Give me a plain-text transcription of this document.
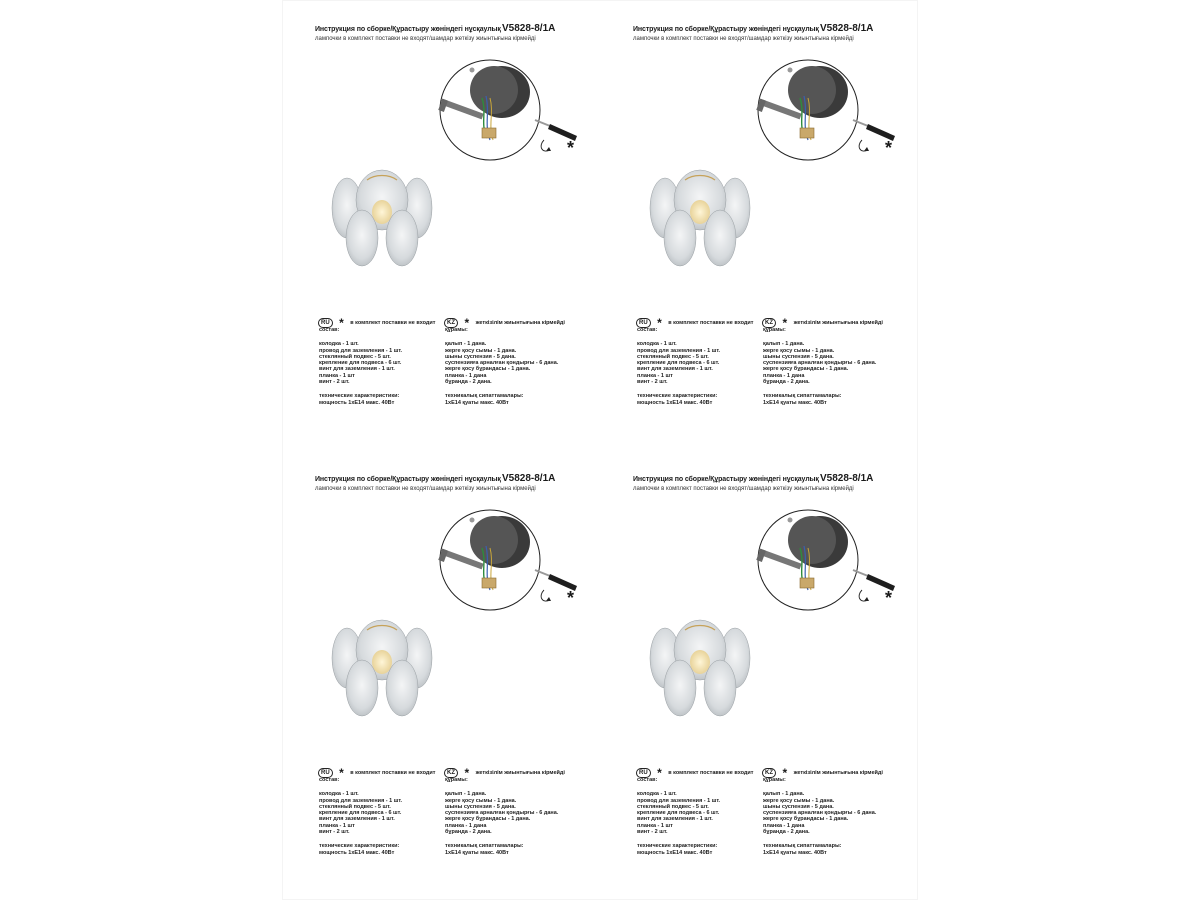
Инструкция по сборке/Құрастыру жөніндегі нұсқаулық V5828-8/1A
лампочки в комплект поставки не входят/шамдар жеткізу жиынтығына кірмейді
*
RU * в комплект поставки не входит	KZ * жеткізілім жиынтығына кірмейді
состав:
колодка - 1 шт.
провод для заземления - 1 шт.
стеклянный подвес - 5 шт.
крепление для подвеса - 6 шт.
винт для заземления - 1 шт.
планка - 1 шт
винт - 2 шт.
технические характеристики:
мощность 1хЕ14 макс. 40Вт
құрамы:
қалып - 1 дана.
жерге қосу сымы - 1 дана.
шыны суспензия - 5 дана.
суспензияға арналған қондырғы - 6 дана.
жерге қосу бұрандасы - 1 дана.
планка - 1 дана
бұранда - 2 дана.
техникалық сипаттамалары:
1хЕ14 қуаты макс. 40Вт
Инструкция по сборке/Құрастыру жөніндегі нұсқаулық V5828-8/1A
лампочки в комплект поставки не входят/шамдар жеткізу жиынтығына кірмейді
*
RU * в комплект поставки не входит	KZ * жеткізілім жиынтығына кірмейді
состав:
колодка - 1 шт.
провод для заземления - 1 шт.
стеклянный подвес - 5 шт.
крепление для подвеса - 6 шт.
винт для заземления - 1 шт.
планка - 1 шт
винт - 2 шт.
технические характеристики:
мощность 1хЕ14 макс. 40Вт
құрамы:
қалып - 1 дана.
жерге қосу сымы - 1 дана.
шыны суспензия - 5 дана.
суспензияға арналған қондырғы - 6 дана.
жерге қосу бұрандасы - 1 дана.
планка - 1 дана
бұранда - 2 дана.
техникалық сипаттамалары:
1хЕ14 қуаты макс. 40Вт
Инструкция по сборке/Құрастыру жөніндегі нұсқаулық V5828-8/1A
лампочки в комплект поставки не входят/шамдар жеткізу жиынтығына кірмейді
*
RU * в комплект поставки не входит	KZ * жеткізілім жиынтығына кірмейді
состав:
колодка - 1 шт.
провод для заземления - 1 шт.
стеклянный подвес - 5 шт.
крепление для подвеса - 6 шт.
винт для заземления - 1 шт.
планка - 1 шт
винт - 2 шт.
технические характеристики:
мощность 1хЕ14 макс. 40Вт
құрамы:
қалып - 1 дана.
жерге қосу сымы - 1 дана.
шыны суспензия - 5 дана.
суспензияға арналған қондырғы - 6 дана.
жерге қосу бұрандасы - 1 дана.
планка - 1 дана
бұранда - 2 дана.
техникалық сипаттамалары:
1хЕ14 қуаты макс. 40Вт
Инструкция по сборке/Құрастыру жөніндегі нұсқаулық V5828-8/1A
лампочки в комплект поставки не входят/шамдар жеткізу жиынтығына кірмейді
*
RU * в комплект поставки не входит	KZ * жеткізілім жиынтығына кірмейді
состав:
колодка - 1 шт.
провод для заземления - 1 шт.
стеклянный подвес - 5 шт.
крепление для подвеса - 6 шт.
винт для заземления - 1 шт.
планка - 1 шт
винт - 2 шт.
технические характеристики:
мощность 1хЕ14 макс. 40Вт
құрамы:
қалып - 1 дана.
жерге қосу сымы - 1 дана.
шыны суспензия - 5 дана.
суспензияға арналған қондырғы - 6 дана.
жерге қосу бұрандасы - 1 дана.
планка - 1 дана
бұранда - 2 дана.
техникалық сипаттамалары:
1хЕ14 қуаты макс. 40Вт
